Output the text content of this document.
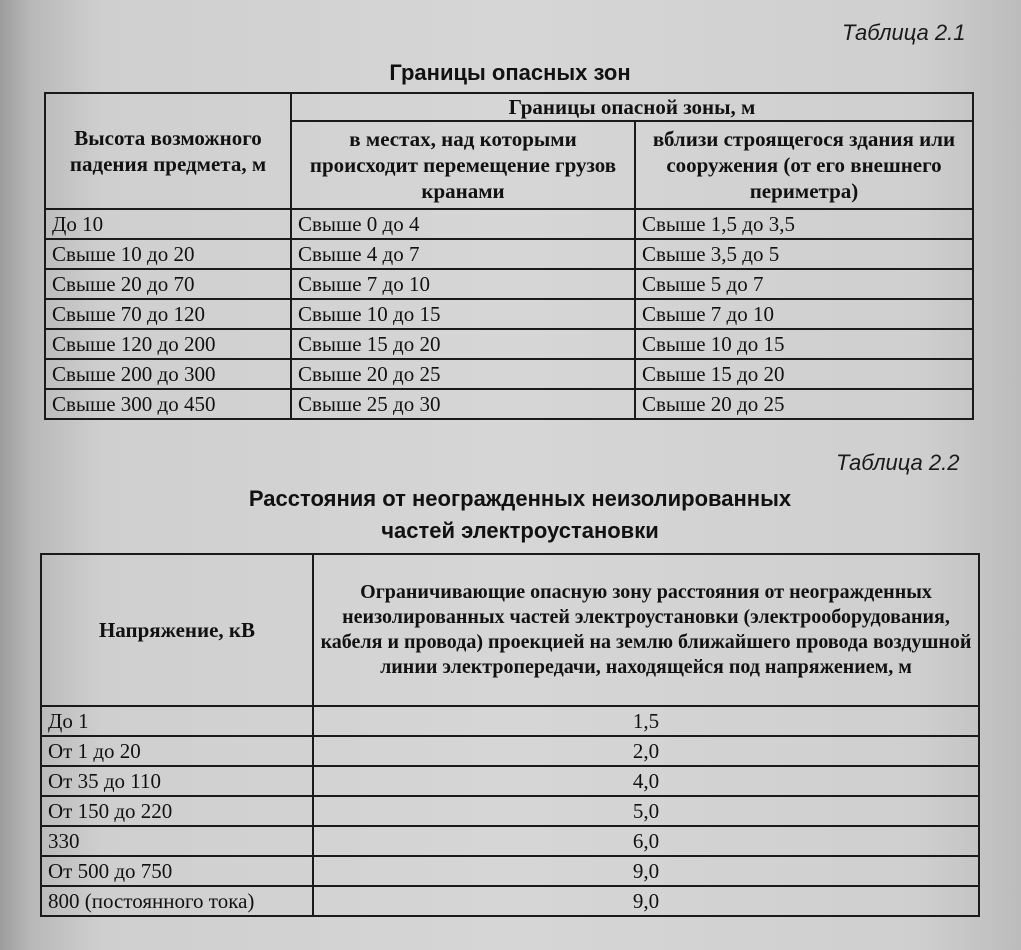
Таблица 2.1
Границы опасных зон
Высота возможного падения предмета, м	Границы опасной зоны, м	
	в местах, над которыми происходит перемещение грузов кранами	вблизи строящегося здания или сооружения (от его внешнего периметра)
До 10	Свыше 0 до 4	Свыше 1,5 до 3,5
Свыше 10 до 20	Свыше 4 до 7	Свыше 3,5 до 5
Свыше 20 до 70	Свыше 7 до 10	Свыше 5 до 7
Свыше 70 до 120	Свыше 10 до 15	Свыше 7 до 10
Свыше 120 до 200	Свыше 15 до 20	Свыше 10 до 15
Свыше 200 до 300	Свыше 20 до 25	Свыше 15 до 20
Свыше 300 до 450	Свыше 25 до 30	Свыше 20 до 25
Таблица 2.2
Расстояния от неогражденных неизолированных
частей электроустановки
Напряжение, кВ	Ограничивающие опасную зону расстояния от неогражденных неизолированных частей электроустановки (электрооборудования, кабеля и провода) проекцией на землю ближайшего провода воздушной линии электропередачи, находящейся под напряжением, м
До 1	1,5
От 1 до 20	2,0
От 35 до 110	4,0
От 150 до 220	5,0
330	6,0
От 500 до 750	9,0
800 (постоянного тока)	9,0
